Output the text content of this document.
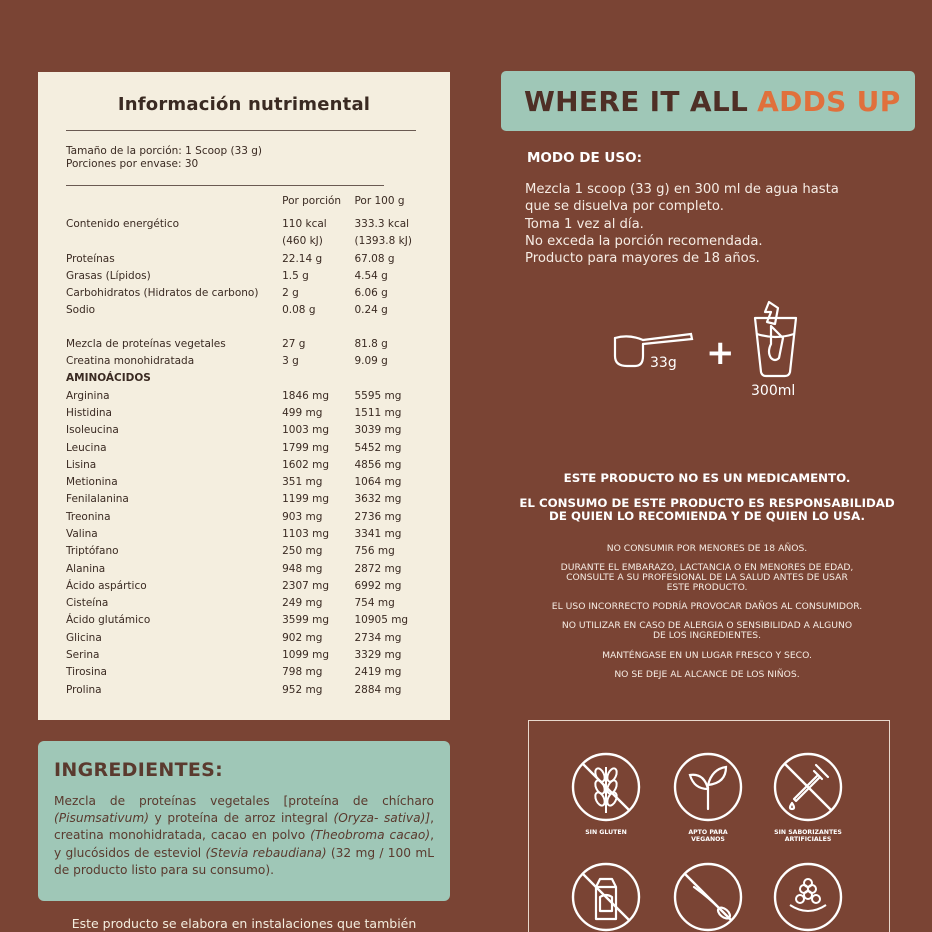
Información nutrimental
Tamaño de la porción: 1 Scoop (33 g)
Porciones por envase: 30
Por porción	Por 100 g
Contenido energético	110 kcal	333.3 kcal
(460 kJ)	(1393.8 kJ)
Proteínas	22.14 g	67.08 g
Grasas (Lípidos)	1.5 g	4.54 g
Carbohidratos (Hidratos de carbono)	2 g	6.06 g
Sodio	0.08 g	0.24 g
Mezcla de proteínas vegetales	27 g	81.8 g
Creatina monohidratada	3 g	9.09 g
AMINOÁCIDOS
Arginina	1846 mg	5595 mg
Histidina	499 mg	1511 mg
Isoleucina	1003 mg	3039 mg
Leucina	1799 mg	5452 mg
Lisina	1602 mg	4856 mg
Metionina	351 mg	1064 mg
Fenilalanina	1199 mg	3632 mg
Treonina	903 mg	2736 mg
Valina	1103 mg	3341 mg
Triptófano	250 mg	756 mg
Alanina	948 mg	2872 mg
Ácido aspártico	2307 mg	6992 mg
Cisteína	249 mg	754 mg
Ácido glutámico	3599 mg	10905 mg
Glicina	902 mg	2734 mg
Serina	1099 mg	3329 mg
Tirosina	798 mg	2419 mg
Prolina	952 mg	2884 mg
INGREDIENTES:
Mezcla de proteínas vegetales [proteína de chícharo (Pisumsativum) y proteína de arroz integral (Oryza- sativa)], creatina monohidratada, cacao en polvo (Theobroma cacao), y glucósidos de esteviol (Stevia rebaudiana) (32 mg / 100 mL de producto listo para su consumo).
Este producto se elabora en instalaciones que también
WHERE IT ALL ADDS UP
MODO DE USO:
Mezcla 1 scoop (33 g) en 300 ml de agua hasta
que se disuelva por completo.
Toma 1 vez al día.
No exceda la porción recomendada.
Producto para mayores de 18 años.
33g +
300ml
ESTE PRODUCTO NO ES UN MEDICAMENTO.
EL CONSUMO DE ESTE PRODUCTO ES RESPONSABILIDAD
DE QUIEN LO RECOMIENDA Y DE QUIEN LO USA.
NO CONSUMIR POR MENORES DE 18 AÑOS.
DURANTE EL EMBARAZO, LACTANCIA O EN MENORES DE EDAD,
CONSULTE A SU PROFESIONAL DE LA SALUD ANTES DE USAR
ESTE PRODUCTO.
EL USO INCORRECTO PODRÍA PROVOCAR DAÑOS AL CONSUMIDOR.
NO UTILIZAR EN CASO DE ALERGIA O SENSIBILIDAD A ALGUNO
DE LOS INGREDIENTES.
MANTÉNGASE EN UN LUGAR FRESCO Y SECO.
NO SE DEJE AL ALCANCE DE LOS NIÑOS.
SIN GLUTEN	APTO PARA
VEGANOS
SIN SABORIZANTES
ARTIFICIALES
